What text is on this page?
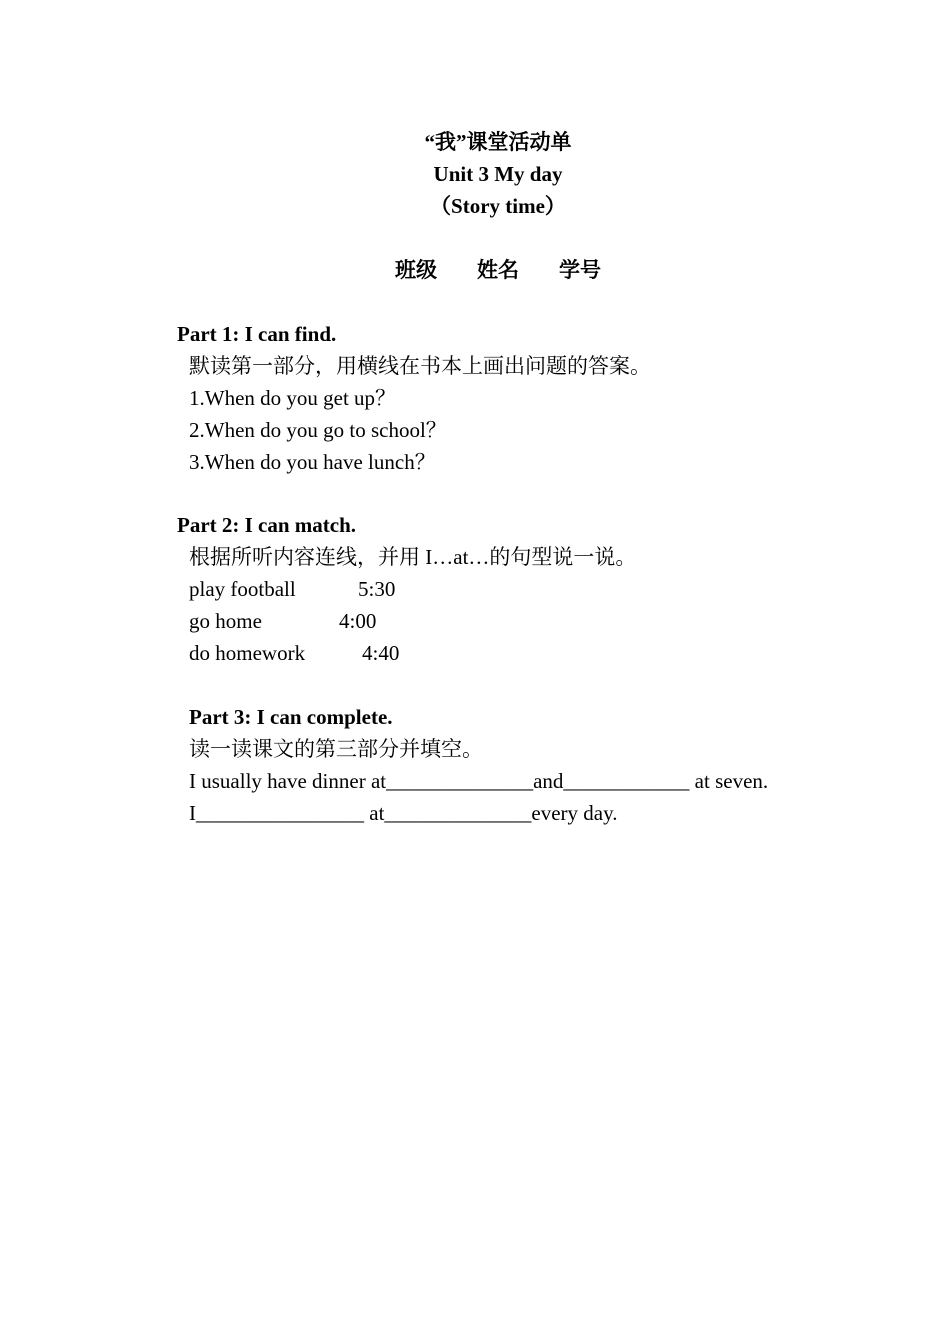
“我”课堂活动单
Unit 3 My day
（Story time）
班级 姓名 学号
Part 1: I can find.
默读第一部分，用横线在书本上画出问题的答案。
1.When do you get up？
2.When do you go to school？
3.When do you have lunch？
Part 2: I can match.
根据所听内容连线，并用 I…at…的句型说一说。
play football	5:30
go home	4:00
do homework	4:40
Part 3: I can complete.
读一读课文的第三部分并填空。
I usually have dinner at______________and____________ at seven.
I________________ at______________every day.
